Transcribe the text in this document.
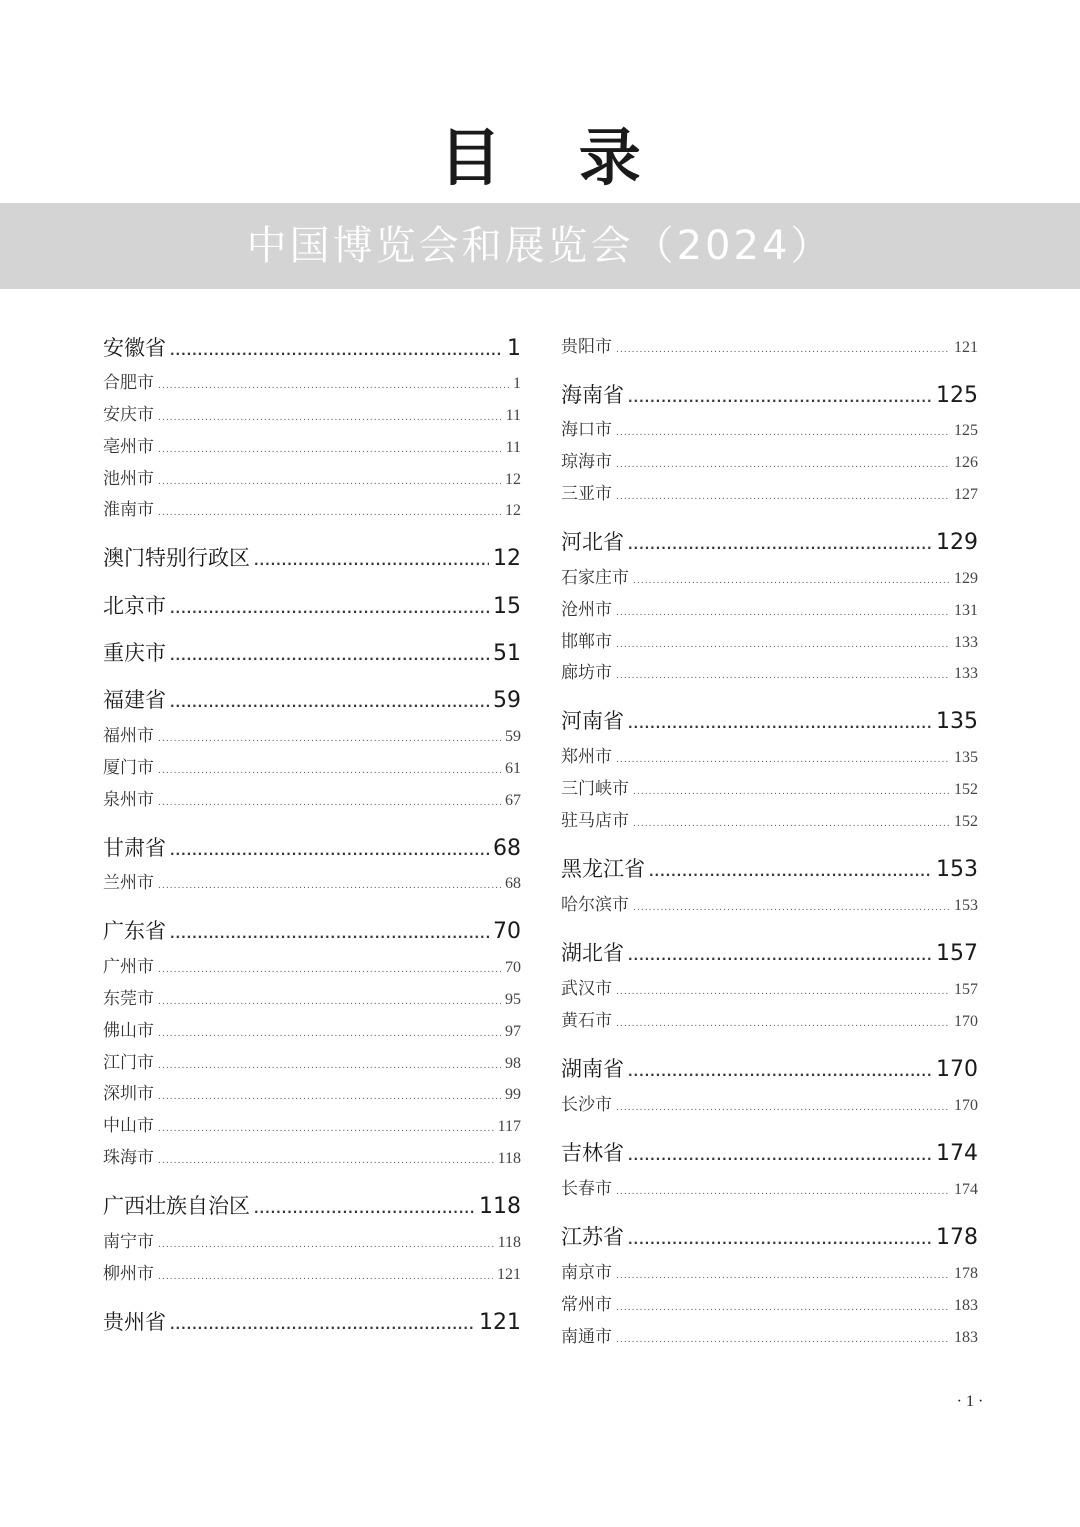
目 录
中国博览会和展览会（2024）
安徽省 . . .	1
合肥市 . . .	1
安庆市 . . .	11
亳州市 . . .	11
池州市 . . .	12
淮南市 . . .	12
澳门特别行政区 . . .	12
北京市 . . .	15
重庆市 . . .	51
福建省 . . .	59
福州市 . . .	59
厦门市 . . .	61
泉州市 . . .	67
甘肃省 . . .	68
兰州市 . . .	68
广东省 . . .	70
广州市 . . .	70
东莞市 . . .	95
佛山市 . . .	97
江门市 . . .	98
深圳市 . . .	99
中山市 . . .	117
珠海市 . . .	118
广西壮族自治区 . . .	118
南宁市 . . .	118
柳州市 . . .	121
贵州省 . . .	121
贵阳市 . . .	121
海南省 . . .	125
海口市 . . .	125
琼海市 . . .	126
三亚市 . . .	127
河北省 . . .	129
石家庄市 . . .	129
沧州市 . . .	131
邯郸市 . . .	133
廊坊市 . . .	133
河南省 . . .	135
郑州市 . . .	135
三门峡市 . . .	152
驻马店市 . . .	152
黑龙江省 . . .	153
哈尔滨市 . . .	153
湖北省 . . .	157
武汉市 . . .	157
黄石市 . . .	170
湖南省 . . .	170
长沙市 . . .	170
吉林省 . . .	174
长春市 . . .	174
江苏省 . . .	178
南京市 . . .	178
常州市 . . .	183
南通市 . . .	183
· 1 ·
